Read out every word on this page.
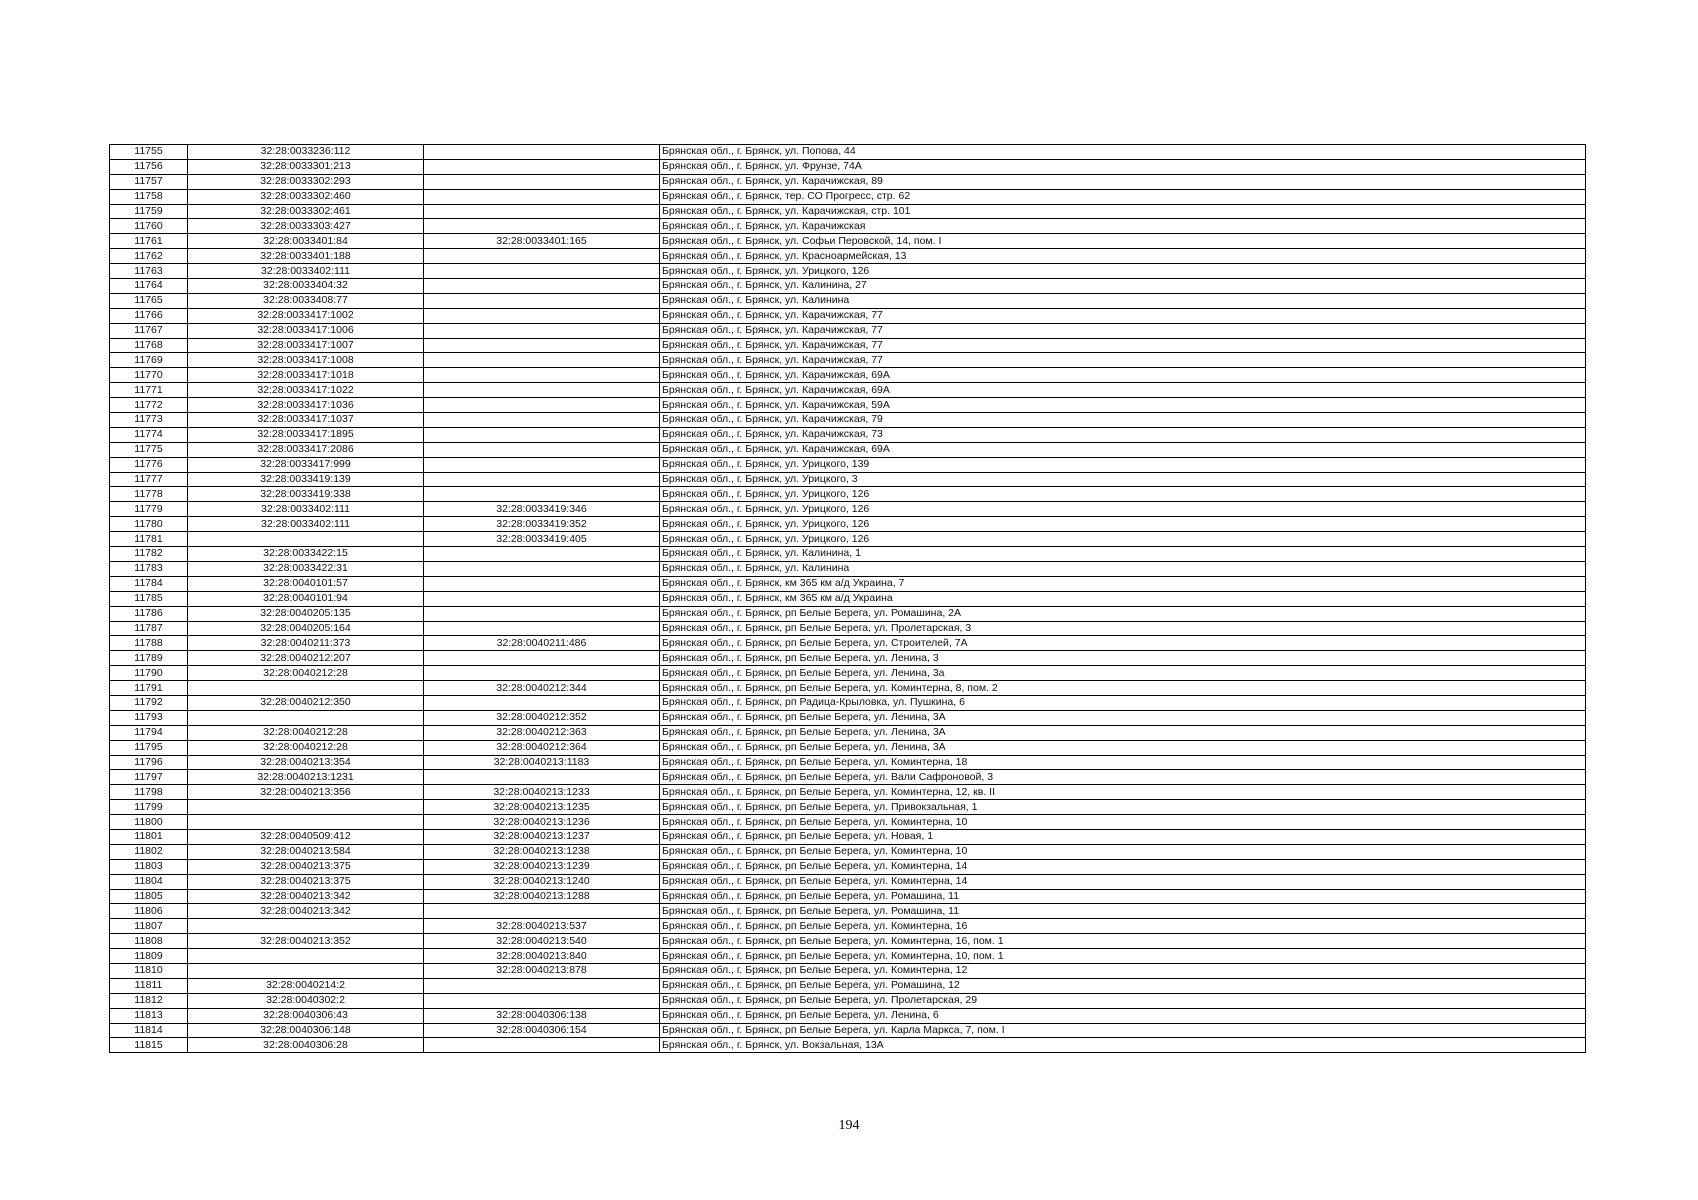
11755	32:28:0033236:112		Брянская обл., г. Брянск, ул. Попова, 44
11756	32:28:0033301:213		Брянская обл., г. Брянск, ул. Фрунзе, 74А
11757	32:28:0033302:293		Брянская обл., г. Брянск, ул. Карачижская, 89
11758	32:28:0033302:460		Брянская обл., г. Брянск, тер. СО Прогресс, стр. 62
11759	32:28:0033302:461		Брянская обл., г. Брянск, ул. Карачижская, стр. 101
11760	32:28:0033303:427		Брянская обл., г. Брянск, ул. Карачижская
11761	32:28:0033401:84	32:28:0033401:165	Брянская обл., г. Брянск, ул. Софьи Перовской, 14, пом. I
11762	32:28:0033401:188		Брянская обл., г. Брянск, ул. Красноармейская, 13
11763	32:28:0033402:111		Брянская обл., г. Брянск, ул. Урицкого, 126
11764	32:28:0033404:32		Брянская обл., г. Брянск, ул. Калинина, 27
11765	32:28:0033408:77		Брянская обл., г. Брянск, ул. Калинина
11766	32:28:0033417:1002		Брянская обл., г. Брянск, ул. Карачижская, 77
11767	32:28:0033417:1006		Брянская обл., г. Брянск, ул. Карачижская, 77
11768	32:28:0033417:1007		Брянская обл., г. Брянск, ул. Карачижская, 77
11769	32:28:0033417:1008		Брянская обл., г. Брянск, ул. Карачижская, 77
11770	32:28:0033417:1018		Брянская обл., г. Брянск, ул. Карачижская, 69А
11771	32:28:0033417:1022		Брянская обл., г. Брянск, ул. Карачижская, 69А
11772	32:28:0033417:1036		Брянская обл., г. Брянск, ул. Карачижская, 59А
11773	32:28:0033417:1037		Брянская обл., г. Брянск, ул. Карачижская, 79
11774	32:28:0033417:1895		Брянская обл., г. Брянск, ул. Карачижская, 73
11775	32:28:0033417:2086		Брянская обл., г. Брянск, ул. Карачижская, 69А
11776	32:28:0033417:999		Брянская обл., г. Брянск, ул. Урицкого, 139
11777	32:28:0033419:139		Брянская обл., г. Брянск, ул. Урицкого, 3
11778	32:28:0033419:338		Брянская обл., г. Брянск, ул. Урицкого, 126
11779	32:28:0033402:111	32:28:0033419:346	Брянская обл., г. Брянск, ул. Урицкого, 126
11780	32:28:0033402:111	32:28:0033419:352	Брянская обл., г. Брянск, ул. Урицкого, 126
11781		32:28:0033419:405	Брянская обл., г. Брянск, ул. Урицкого, 126
11782	32:28:0033422:15		Брянская обл., г. Брянск, ул. Калинина, 1
11783	32:28:0033422:31		Брянская обл., г. Брянск, ул. Калинина
11784	32:28:0040101:57		Брянская обл., г. Брянск, км 365 км а/д Украина, 7
11785	32:28:0040101:94		Брянская обл., г. Брянск, км 365 км а/д Украина
11786	32:28:0040205:135		Брянская обл., г. Брянск, рп Белые Берега, ул. Ромашина, 2А
11787	32:28:0040205:164		Брянская обл., г. Брянск, рп Белые Берега, ул. Пролетарская, 3
11788	32:28:0040211:373	32:28:0040211:486	Брянская обл., г. Брянск, рп Белые Берега, ул. Строителей, 7А
11789	32:28:0040212:207		Брянская обл., г. Брянск, рп Белые Берега, ул. Ленина, 3
11790	32:28:0040212:28		Брянская обл., г. Брянск, рп Белые Берега, ул. Ленина, 3а
11791		32:28:0040212:344	Брянская обл., г. Брянск, рп Белые Берега, ул. Коминтерна, 8, пом. 2
11792	32:28:0040212:350		Брянская обл., г. Брянск, рп Радица-Крыловка, ул. Пушкина, 6
11793		32:28:0040212:352	Брянская обл., г. Брянск, рп Белые Берега, ул. Ленина, 3А
11794	32:28:0040212:28	32:28:0040212:363	Брянская обл., г. Брянск, рп Белые Берега, ул. Ленина, 3А
11795	32:28:0040212:28	32:28:0040212:364	Брянская обл., г. Брянск, рп Белые Берега, ул. Ленина, 3А
11796	32:28:0040213:354	32:28:0040213:1183	Брянская обл., г. Брянск, рп Белые Берега, ул. Коминтерна, 18
11797	32:28:0040213:1231		Брянская обл., г. Брянск, рп Белые Берега, ул. Вали Сафроновой, 3
11798	32:28:0040213:356	32:28:0040213:1233	Брянская обл., г. Брянск, рп Белые Берега, ул. Коминтерна, 12, кв. II
11799		32:28:0040213:1235	Брянская обл., г. Брянск, рп Белые Берега, ул. Привокзальная, 1
11800		32:28:0040213:1236	Брянская обл., г. Брянск, рп Белые Берега, ул. Коминтерна, 10
11801	32:28:0040509:412	32:28:0040213:1237	Брянская обл., г. Брянск, рп Белые Берега, ул. Новая, 1
11802	32:28:0040213:584	32:28:0040213:1238	Брянская обл., г. Брянск, рп Белые Берега, ул. Коминтерна, 10
11803	32:28:0040213:375	32:28:0040213:1239	Брянская обл., г. Брянск, рп Белые Берега, ул. Коминтерна, 14
11804	32:28:0040213:375	32:28:0040213:1240	Брянская обл., г. Брянск, рп Белые Берега, ул. Коминтерна, 14
11805	32:28:0040213:342	32:28:0040213:1288	Брянская обл., г. Брянск, рп Белые Берега, ул. Ромашина, 11
11806	32:28:0040213:342		Брянская обл., г. Брянск, рп Белые Берега, ул. Ромашина, 11
11807		32:28:0040213:537	Брянская обл., г. Брянск, рп Белые Берега, ул. Коминтерна, 16
11808	32:28:0040213:352	32:28:0040213:540	Брянская обл., г. Брянск, рп Белые Берега, ул. Коминтерна, 16, пом. 1
11809		32:28:0040213:840	Брянская обл., г. Брянск, рп Белые Берега, ул. Коминтерна, 10, пом. 1
11810		32:28:0040213:878	Брянская обл., г. Брянск, рп Белые Берега, ул. Коминтерна, 12
11811	32:28:0040214:2		Брянская обл., г. Брянск, рп Белые Берега, ул. Ромашина, 12
11812	32:28:0040302:2		Брянская обл., г. Брянск, рп Белые Берега, ул. Пролетарская, 29
11813	32:28:0040306:43	32:28:0040306:138	Брянская обл., г. Брянск, рп Белые Берега, ул. Ленина, 6
11814	32:28:0040306:148	32:28:0040306:154	Брянская обл., г. Брянск, рп Белые Берега, ул. Карла Маркса, 7, пом. I
11815	32:28:0040306:28		Брянская обл., г. Брянск, ул. Вокзальная, 13А
194
